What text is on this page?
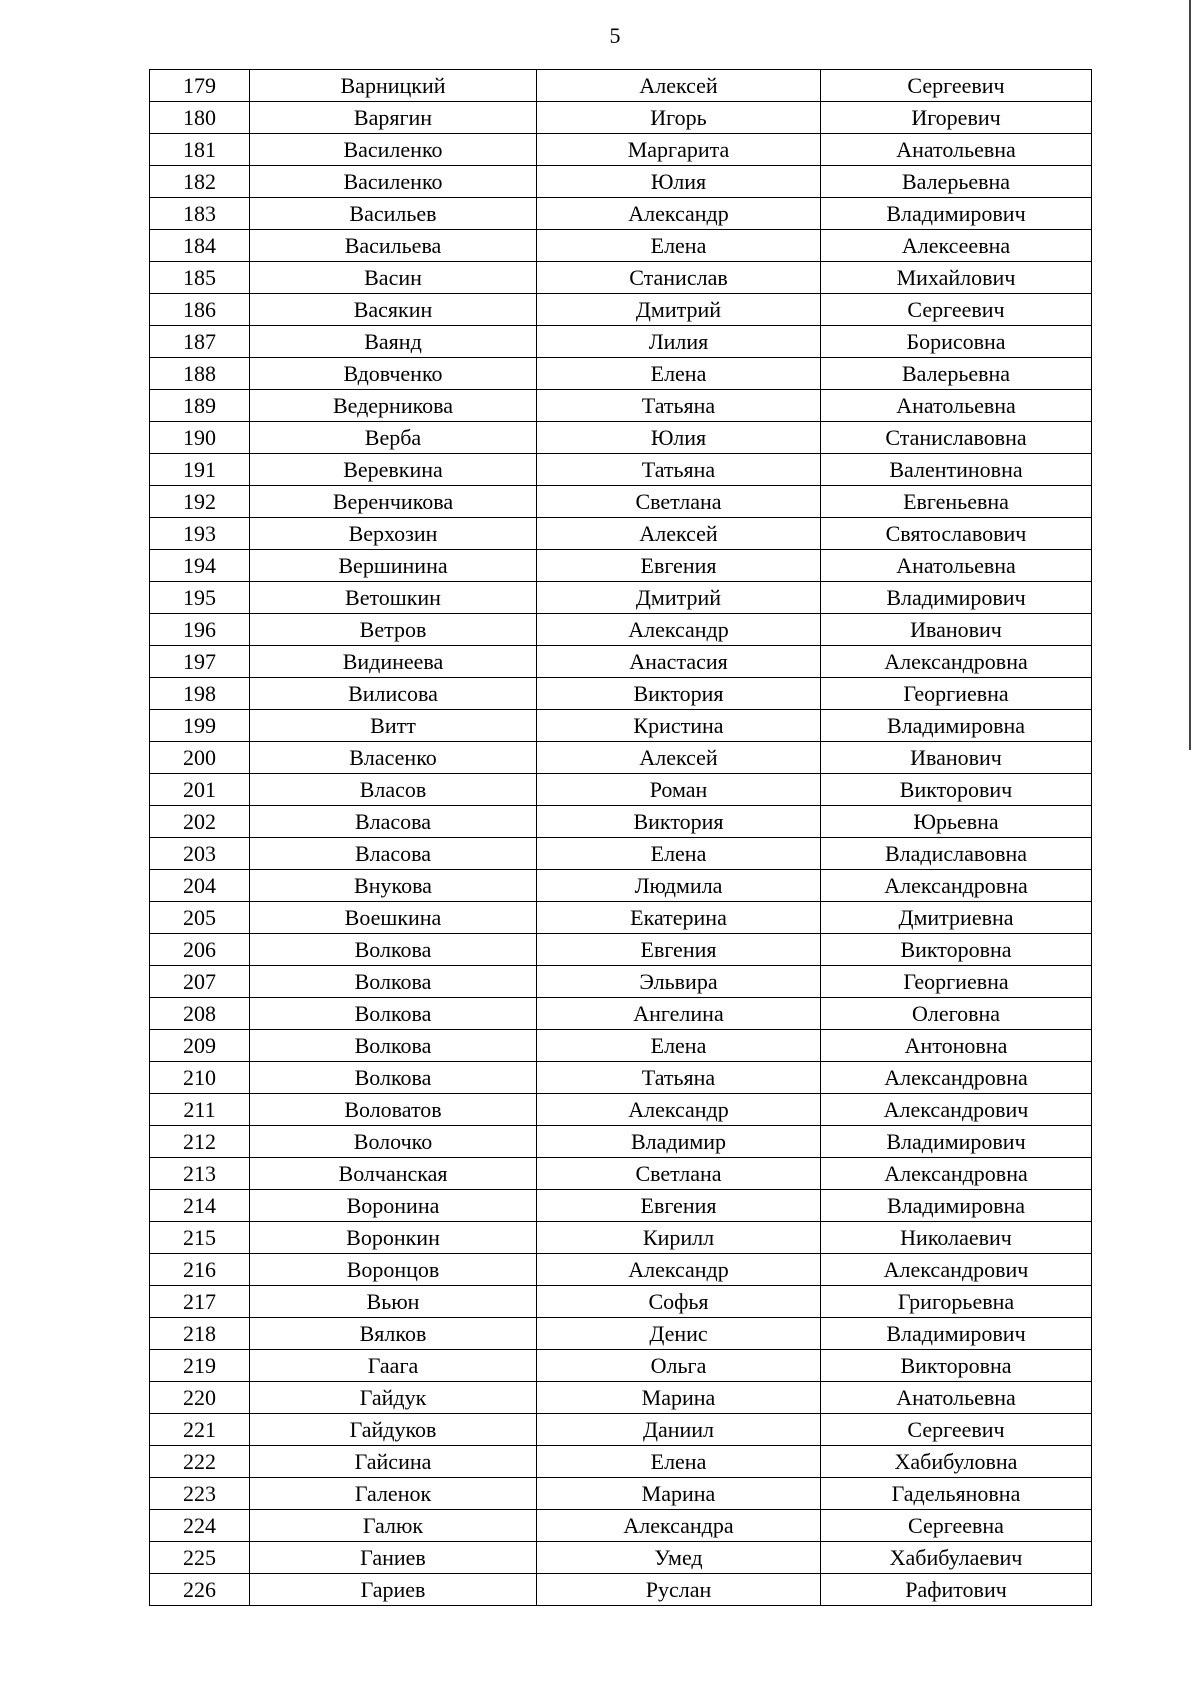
5
179	Варницкий	Алексей	Сергеевич
180	Варягин	Игорь	Игоревич
181	Василенко	Маргарита	Анатольевна
182	Василенко	Юлия	Валерьевна
183	Васильев	Александр	Владимирович
184	Васильева	Елена	Алексеевна
185	Васин	Станислав	Михайлович
186	Васякин	Дмитрий	Сергеевич
187	Ваянд	Лилия	Борисовна
188	Вдовченко	Елена	Валерьевна
189	Ведерникова	Татьяна	Анатольевна
190	Верба	Юлия	Станиславовна
191	Веревкина	Татьяна	Валентиновна
192	Веренчикова	Светлана	Евгеньевна
193	Верхозин	Алексей	Святославович
194	Вершинина	Евгения	Анатольевна
195	Ветошкин	Дмитрий	Владимирович
196	Ветров	Александр	Иванович
197	Видинеева	Анастасия	Александровна
198	Вилисова	Виктория	Георгиевна
199	Витт	Кристина	Владимировна
200	Власенко	Алексей	Иванович
201	Власов	Роман	Викторович
202	Власова	Виктория	Юрьевна
203	Власова	Елена	Владиславовна
204	Внукова	Людмила	Александровна
205	Воешкина	Екатерина	Дмитриевна
206	Волкова	Евгения	Викторовна
207	Волкова	Эльвира	Георгиевна
208	Волкова	Ангелина	Олеговна
209	Волкова	Елена	Антоновна
210	Волкова	Татьяна	Александровна
211	Воловатов	Александр	Александрович
212	Волочко	Владимир	Владимирович
213	Волчанская	Светлана	Александровна
214	Воронина	Евгения	Владимировна
215	Воронкин	Кирилл	Николаевич
216	Воронцов	Александр	Александрович
217	Вьюн	Софья	Григорьевна
218	Вялков	Денис	Владимирович
219	Гаага	Ольга	Викторовна
220	Гайдук	Марина	Анатольевна
221	Гайдуков	Даниил	Сергеевич
222	Гайсина	Елена	Хабибуловна
223	Галенок	Марина	Гадельяновна
224	Галюк	Александра	Сергеевна
225	Ганиев	Умед	Хабибулаевич
226	Гариев	Руслан	Рафитович
